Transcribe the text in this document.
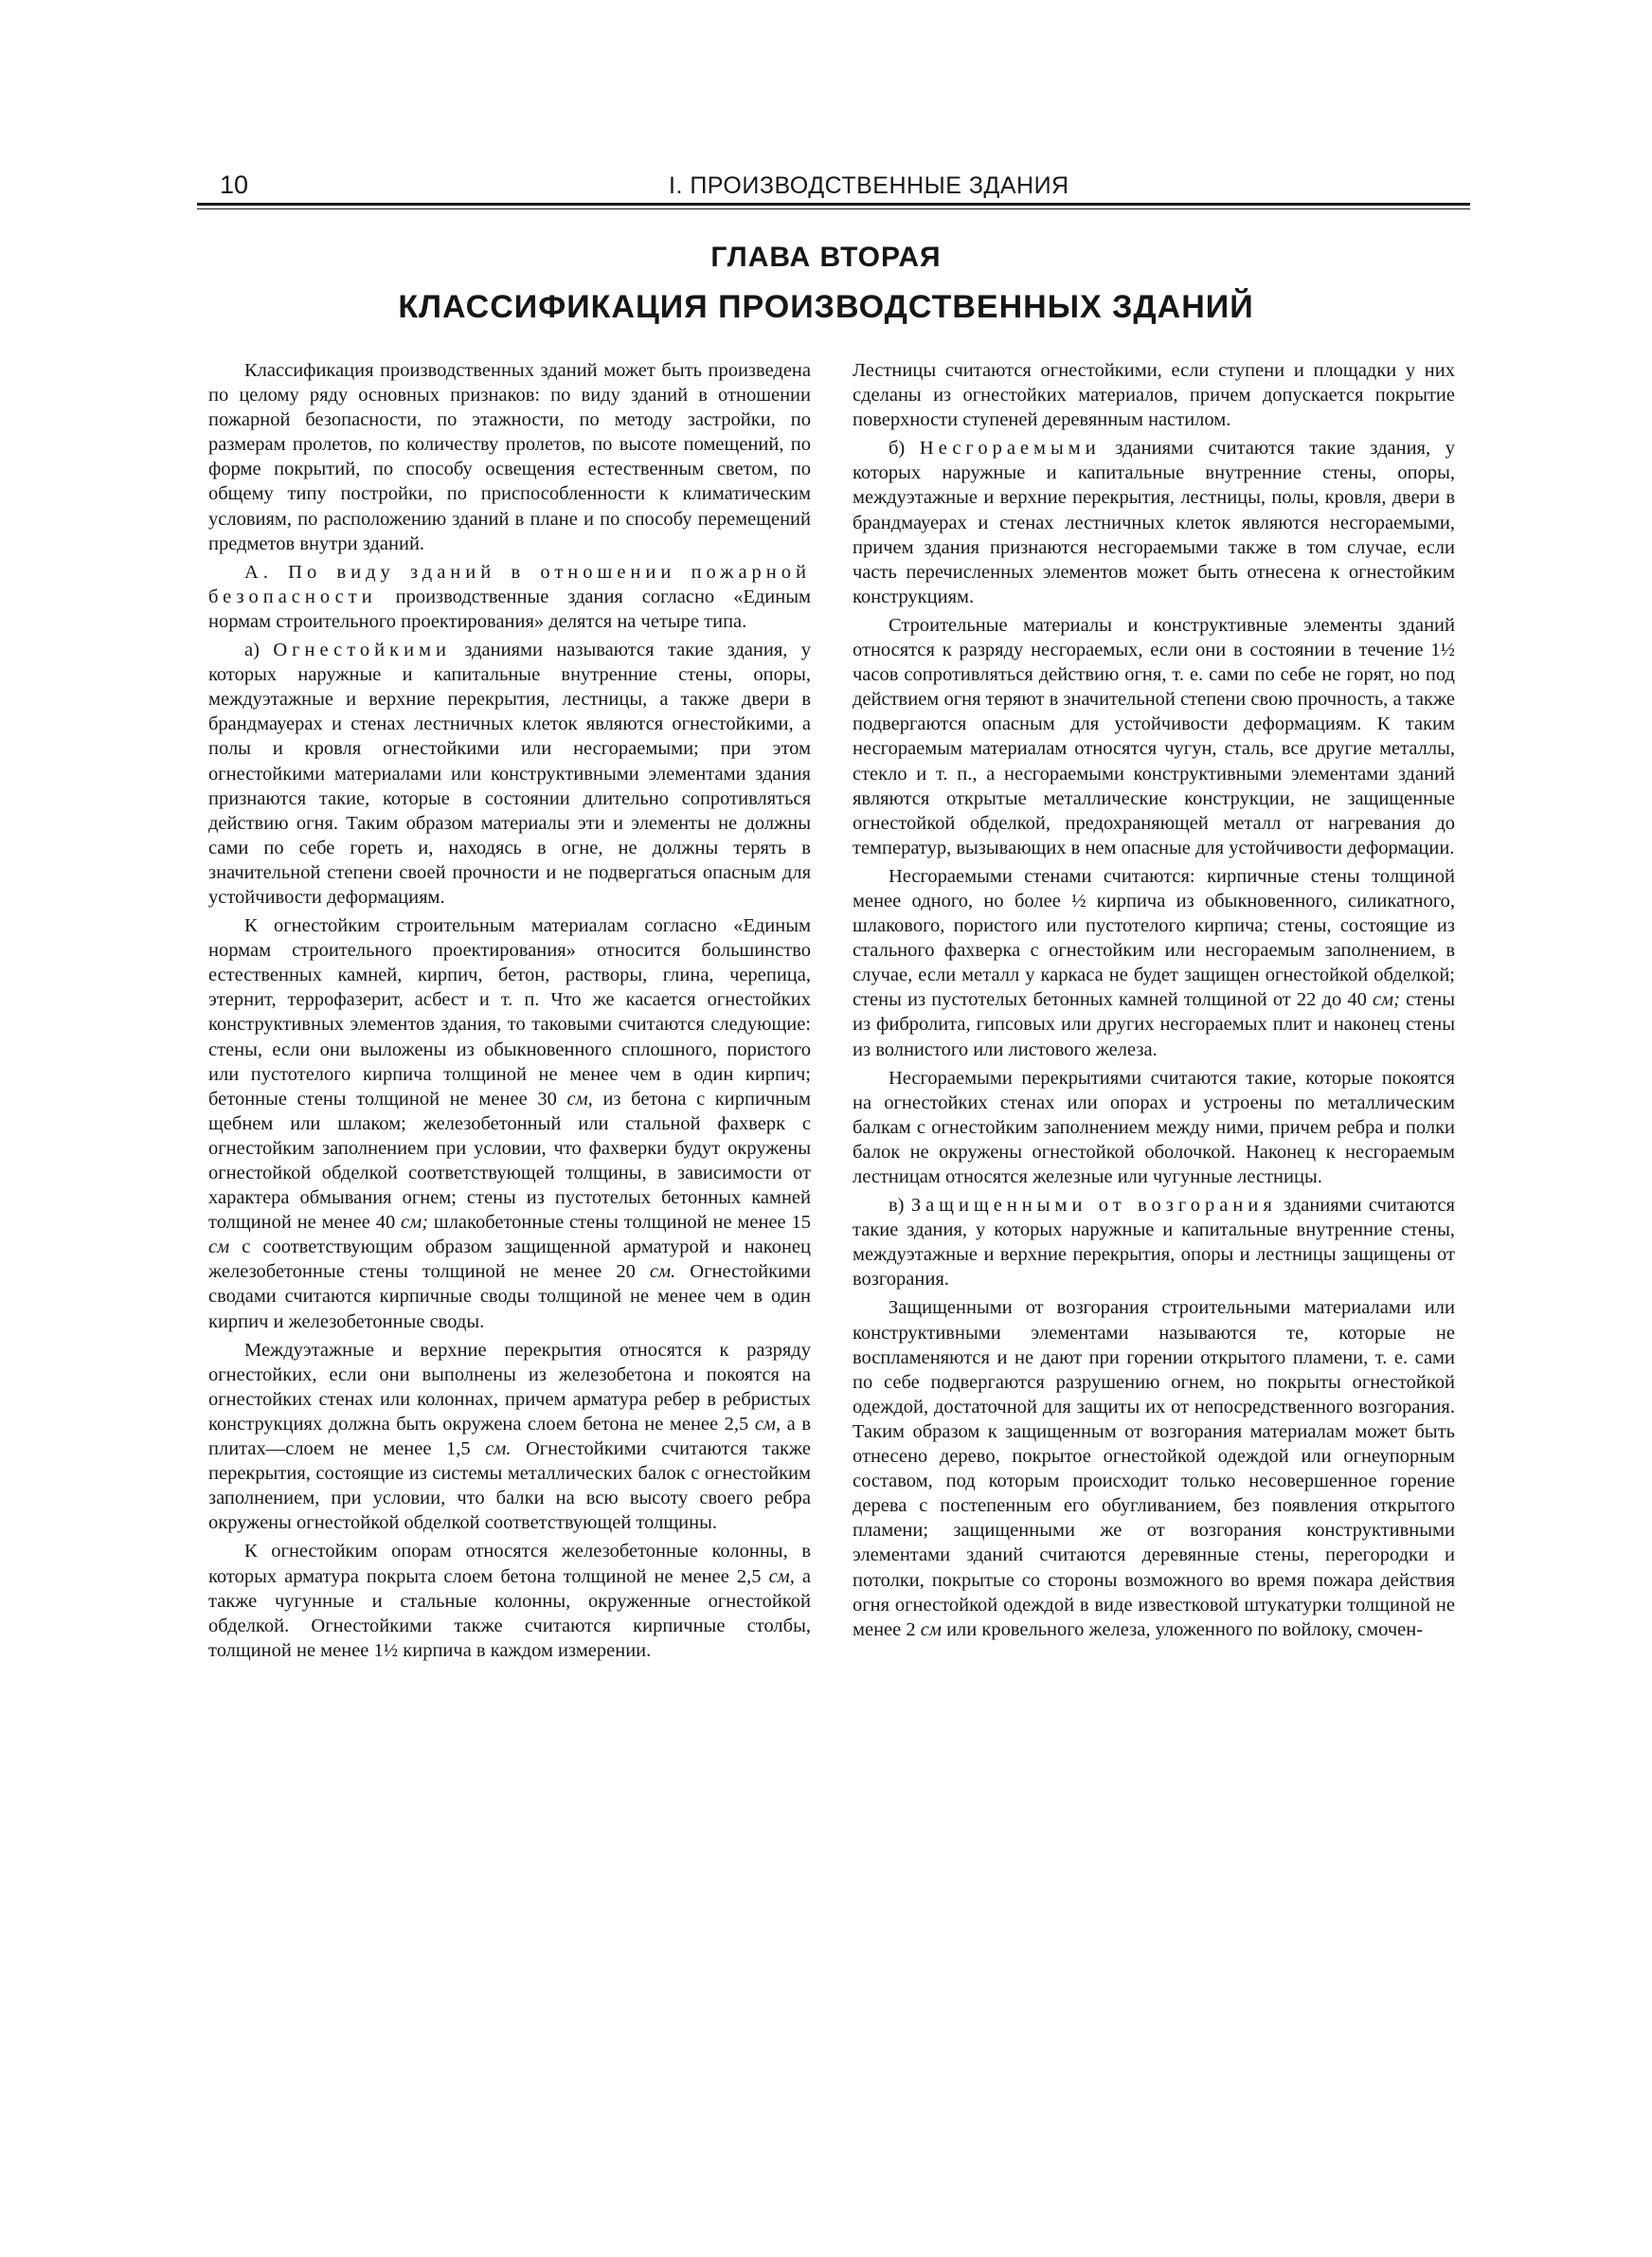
10	I. ПРОИЗВОДСТВЕННЫЕ ЗДАНИЯ
ГЛАВА ВТОРАЯ
КЛАССИФИКАЦИЯ ПРОИЗВОДСТВЕННЫХ ЗДАНИЙ

Классификация производственных зданий может быть произведена по целому ряду основных признаков: по виду зданий в отношении пожарной безопасности, по этажности, по методу застройки, по размерам пролетов, по количеству пролетов, по высоте помещений, по форме покрытий, по способу освещения естественным светом, по общему типу постройки, по приспособленности к климатическим условиям, по расположению зданий в плане и по способу перемещений предметов внутри зданий.

А. По виду зданий в отношении пожарной безопасности производственные здания согласно «Единым нормам строительного проектирования» делятся на четыре типа.

а) Огнестойкими зданиями называются такие здания, у которых наружные и капитальные внутренние стены, опоры, междуэтажные и верхние перекрытия, лестницы, а также двери в брандмауерах и стенах лестничных клеток являются огнестойкими, а полы и кровля огнестойкими или несгораемыми; при этом огнестойкими материалами или конструктивными элементами здания признаются такие, которые в состоянии длительно сопротивляться действию огня. Таким образом материалы эти и элементы не должны сами по себе гореть и, находясь в огне, не должны терять в значительной степени своей прочности и не подвергаться опасным для устойчивости деформациям.

К огнестойким строительным материалам согласно «Единым нормам строительного проектирования» относится большинство естественных камней, кирпич, бетон, растворы, глина, черепица, этернит, террофазерит, асбест и т. п. Что же касается огнестойких конструктивных элементов здания, то таковыми считаются следующие: стены, если они выложены из обыкновенного сплошного, пористого или пустотелого кирпича толщиной не менее чем в один кирпич; бетонные стены толщиной не менее 30 см, из бетона с кирпичным щебнем или шлаком; железобетонный или стальной фахверк с огнестойким заполнением при условии, что фахверки будут окружены огнестойкой обделкой соответствующей толщины, в зависимости от характера обмывания огнем; стены из пустотелых бетонных камней толщиной не менее 40 см; шлакобетонные стены толщиной не менее 15 см с соответствующим образом защищенной арматурой и наконец железобетонные стены толщиной не менее 20 см. Огнестойкими сводами считаются кирпичные своды толщиной не менее чем в один кирпич и железобетонные своды.

Междуэтажные и верхние перекрытия относятся к разряду огнестойких, если они выполнены из железобетона и покоятся на огнестойких стенах или колоннах, причем арматура ребер в ребристых конструкциях должна быть окружена слоем бетона не менее 2,5 см, а в плитах—слоем не менее 1,5 см. Огнестойкими считаются также перекрытия, состоящие из системы металлических балок с огнестойким заполнением, при условии, что балки на всю высоту своего ребра окружены огнестойкой обделкой соответствующей толщины.

К огнестойким опорам относятся железобетонные колонны, в которых арматура покрыта слоем бетона толщиной не менее 2,5 см, а также чугунные и стальные колонны, окруженные огнестойкой обделкой. Огнестойкими также считаются кирпичные столбы, толщиной не менее 1½ кирпича в каждом измерении.

Лестницы считаются огнестойкими, если ступени и площадки у них сделаны из огнестойких материалов, причем допускается покрытие поверхности ступеней деревянным настилом.

б) Несгораемыми зданиями считаются такие здания, у которых наружные и капитальные внутренние стены, опоры, междуэтажные и верхние перекрытия, лестницы, полы, кровля, двери в брандмауерах и стенах лестничных клеток являются несгораемыми, причем здания признаются несгораемыми также в том случае, если часть перечисленных элементов может быть отнесена к огнестойким конструкциям.

Строительные материалы и конструктивные элементы зданий относятся к разряду несгораемых, если они в состоянии в течение 1½ часов сопротивляться действию огня, т. е. сами по себе не горят, но под действием огня теряют в значительной степени свою прочность, а также подвергаются опасным для устойчивости деформациям. К таким несгораемым материалам относятся чугун, сталь, все другие металлы, стекло и т. п., а несгораемыми конструктивными элементами зданий являются открытые металлические конструкции, не защищенные огнестойкой обделкой, предохраняющей металл от нагревания до температур, вызывающих в нем опасные для устойчивости деформации.

Несгораемыми стенами считаются: кирпичные стены толщиной менее одного, но более ½ кирпича из обыкновенного, силикатного, шлакового, пористого или пустотелого кирпича; стены, состоящие из стального фахверка с огнестойким или несгораемым заполнением, в случае, если металл у каркаса не будет защищен огнестойкой обделкой; стены из пустотелых бетонных камней толщиной от 22 до 40 см; стены из фибролита, гипсовых или других несгораемых плит и наконец стены из волнистого или листового железа.

Несгораемыми перекрытиями считаются такие, которые покоятся на огнестойких стенах или опорах и устроены по металлическим балкам с огнестойким заполнением между ними, причем ребра и полки балок не окружены огнестойкой оболочкой. Наконец к несгораемым лестницам относятся железные или чугунные лестницы.

в) Защищенными от возгорания зданиями считаются такие здания, у которых наружные и капитальные внутренние стены, междуэтажные и верхние перекрытия, опоры и лестницы защищены от возгорания.

Защищенными от возгорания строительными материалами или конструктивными элементами называются те, которые не воспламеняются и не дают при горении открытого пламени, т. е. сами по себе подвергаются разрушению огнем, но покрыты огнестойкой одеждой, достаточной для защиты их от непосредственного возгорания. Таким образом к защищенным от возгорания материалам может быть отнесено дерево, покрытое огнестойкой одеждой или огнеупорным составом, под которым происходит только несовершенное горение дерева с постепенным его обугливанием, без появления открытого пламени; защищенными же от возгорания конструктивными элементами зданий считаются деревянные стены, перегородки и потолки, покрытые со стороны возможного во время пожара действия огня огнестойкой одеждой в виде известковой штукатурки толщиной не менее 2 см или кровельного железа, уложенного по войлоку, смочен-
